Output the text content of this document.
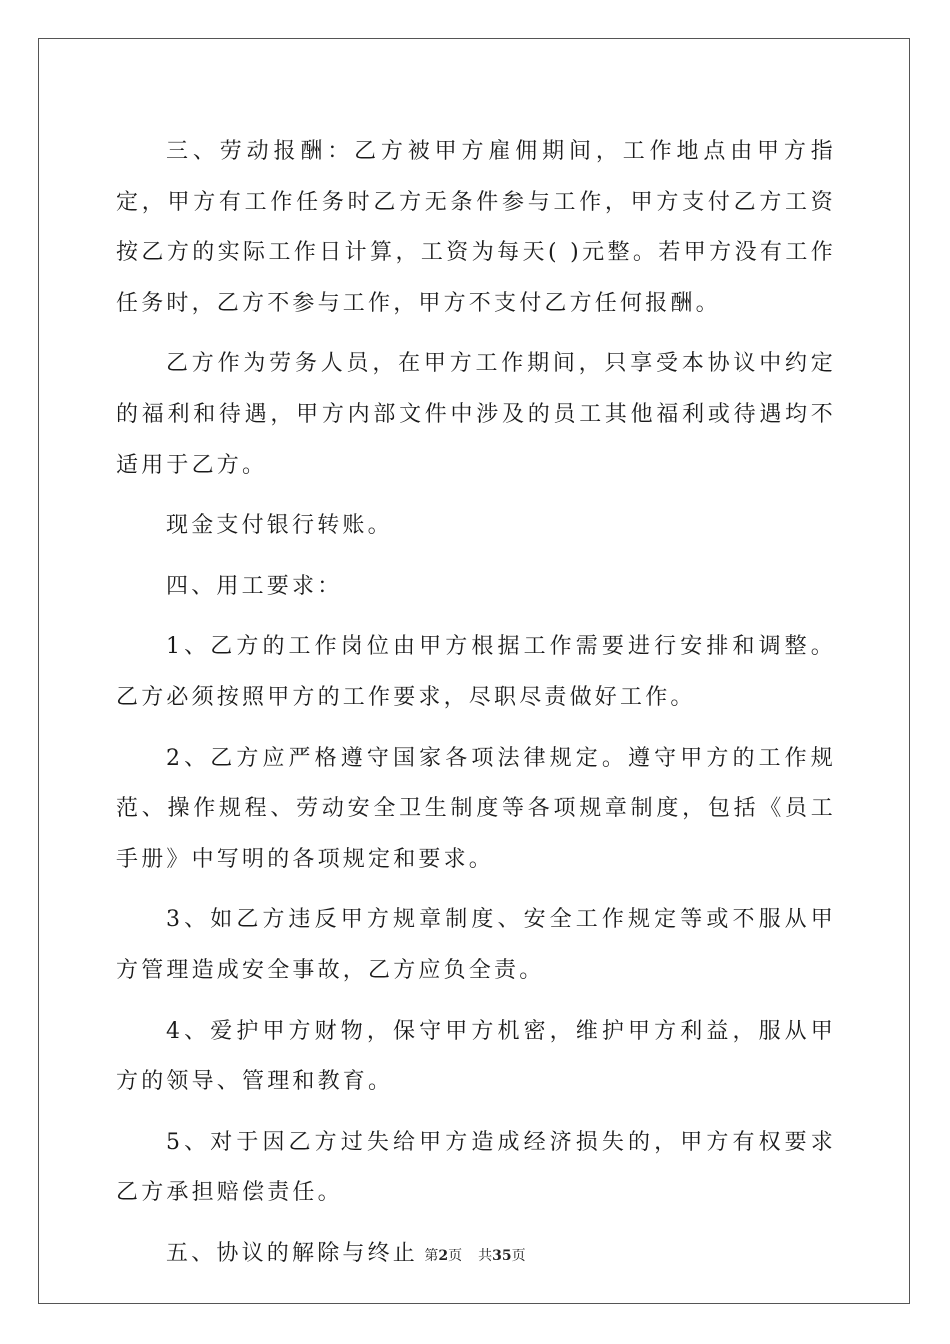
三、劳动报酬：乙方被甲方雇佣期间，工作地点由甲方指定，甲方有工作任务时乙方无条件参与工作，甲方支付乙方工资按乙方的实际工作日计算，工资为每天( )元整。若甲方没有工作任务时，乙方不参与工作，甲方不支付乙方任何报酬。

乙方作为劳务人员，在甲方工作期间，只享受本协议中约定的福利和待遇，甲方内部文件中涉及的员工其他福利或待遇均不适用于乙方。

现金支付银行转账。

四、用工要求：

1、乙方的工作岗位由甲方根据工作需要进行安排和调整。乙方必须按照甲方的工作要求，尽职尽责做好工作。

2、乙方应严格遵守国家各项法律规定。遵守甲方的工作规范、操作规程、劳动安全卫生制度等各项规章制度，包括《员工手册》中写明的各项规定和要求。

3、如乙方违反甲方规章制度、安全工作规定等或不服从甲方管理造成安全事故，乙方应负全责。

4、爱护甲方财物，保守甲方机密，维护甲方利益，服从甲方的领导、管理和教育。

5、对于因乙方过失给甲方造成经济损失的，甲方有权要求乙方承担赔偿责任。

五、协议的解除与终止 第2页 共35页
